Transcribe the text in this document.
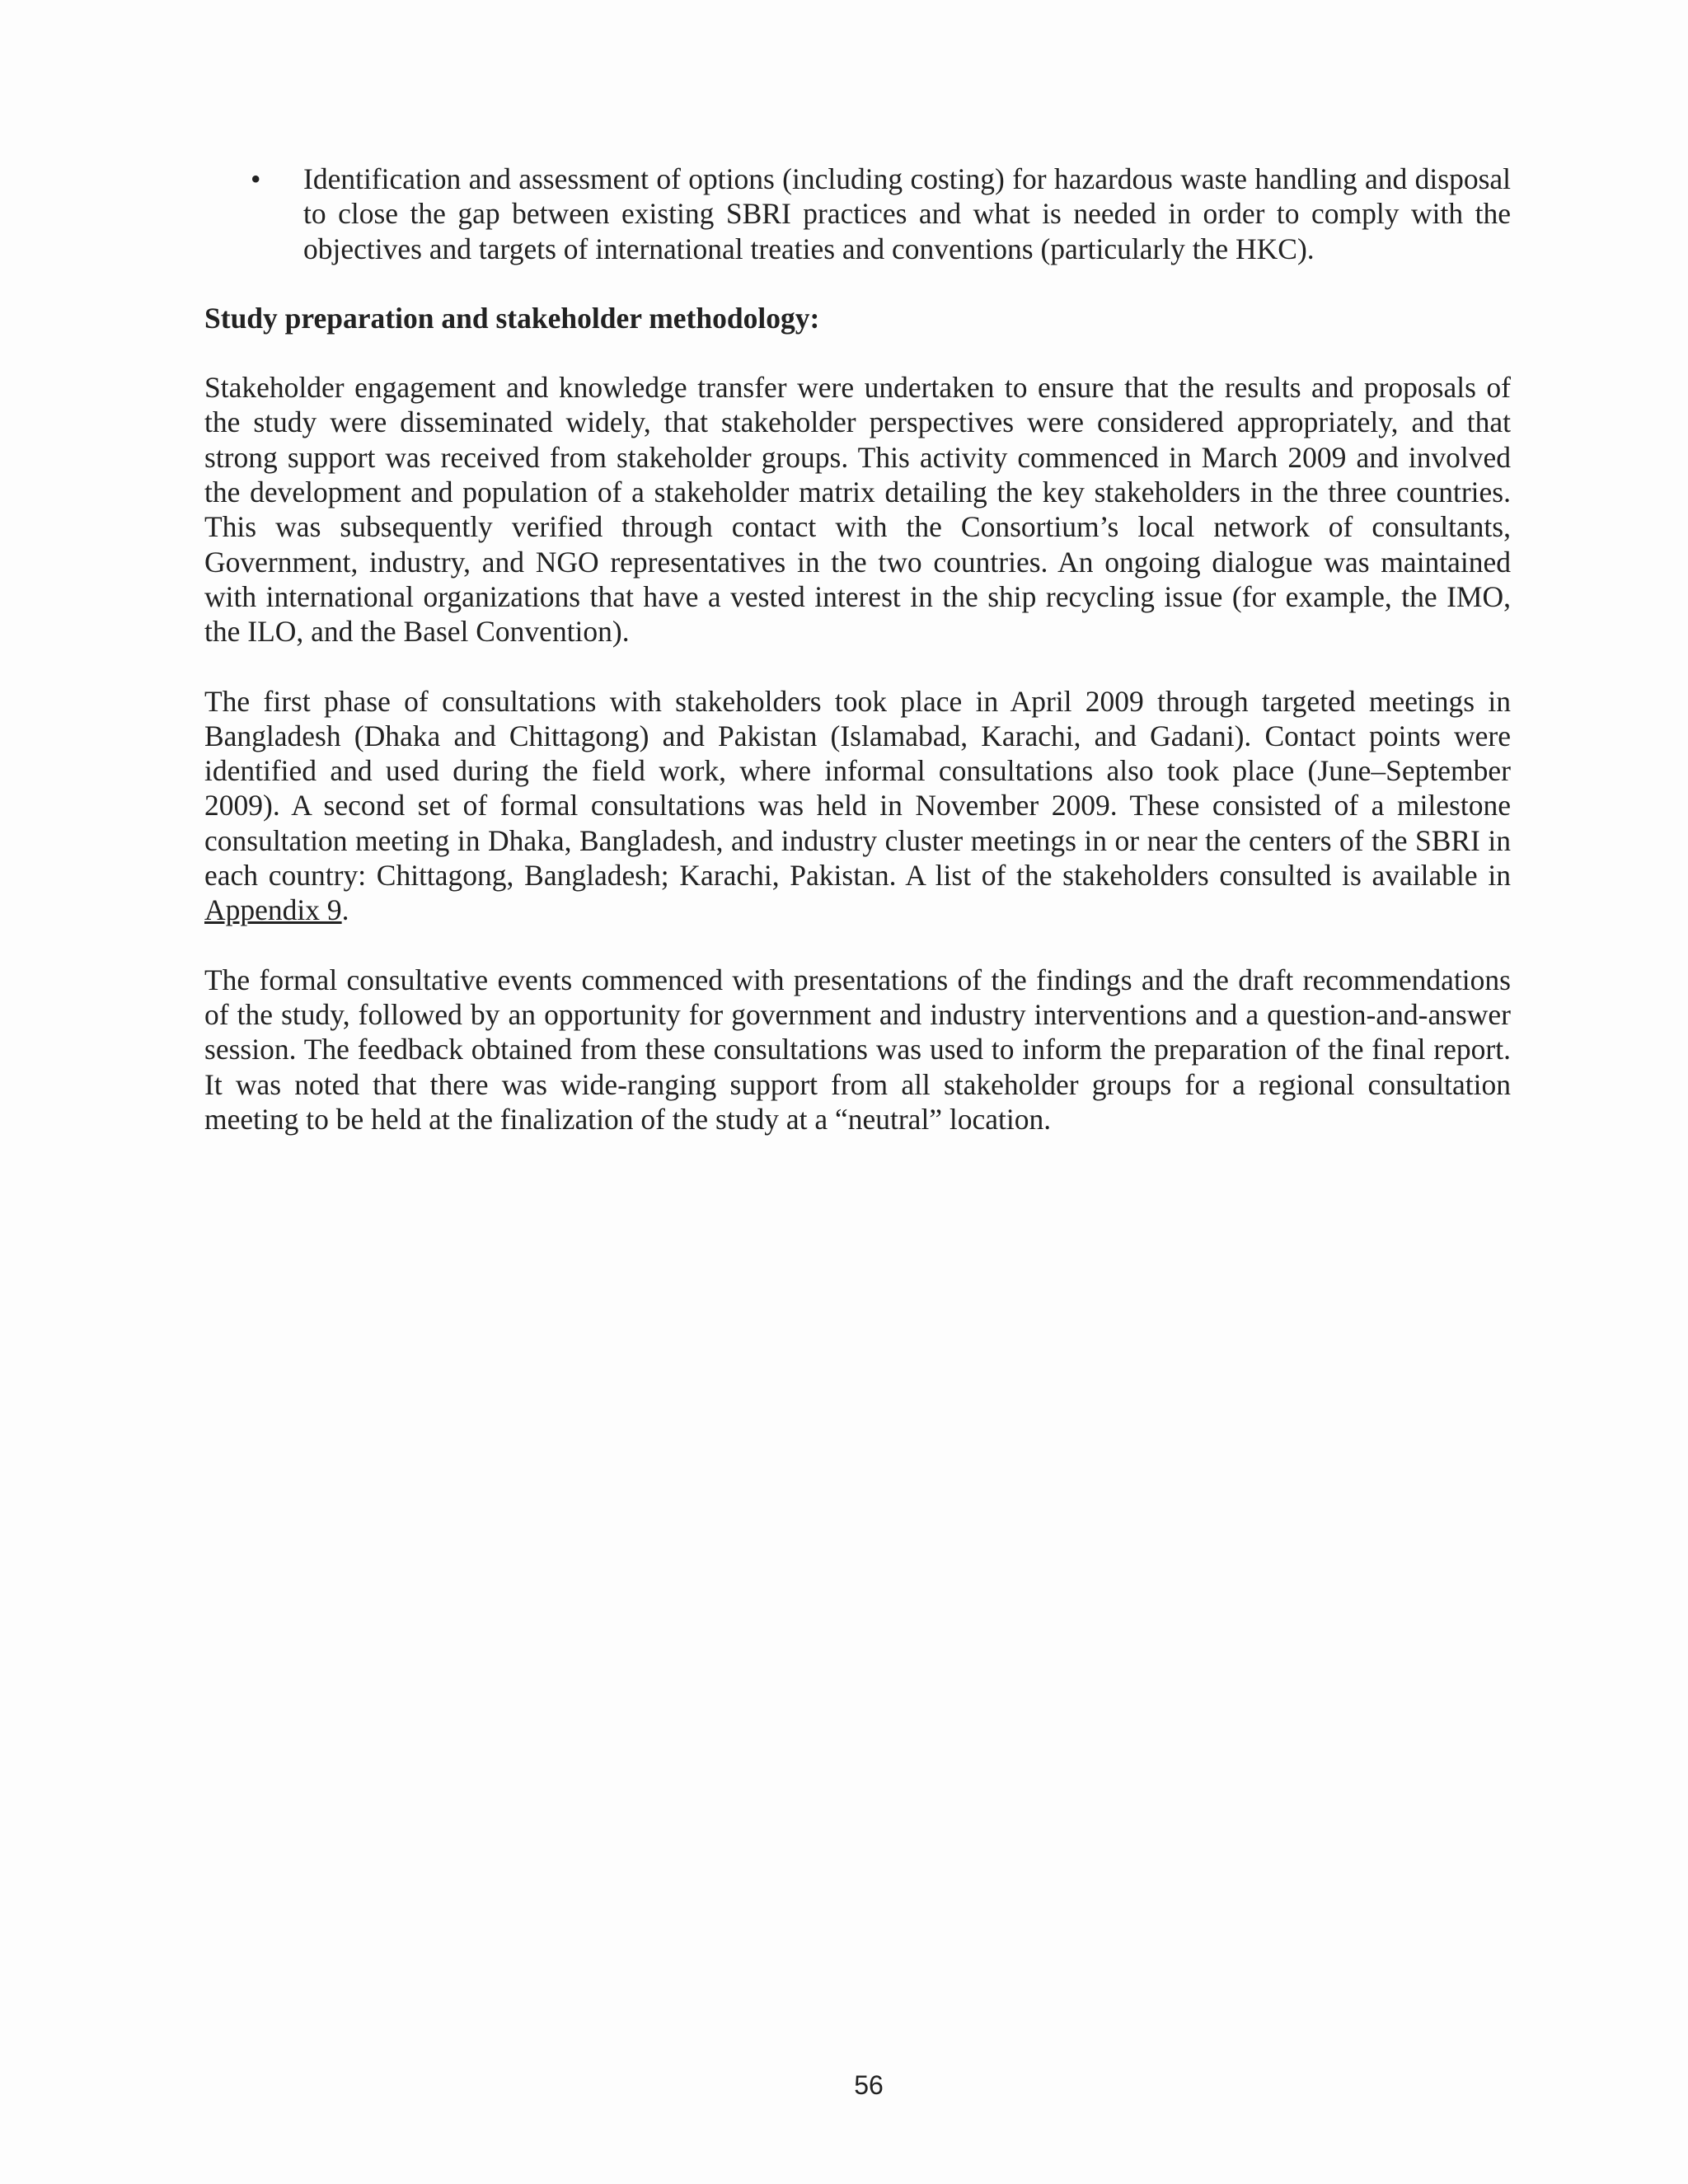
• Identification and assessment of options (including costing) for hazardous waste handling and disposal to close the gap between existing SBRI practices and what is needed in order to comply with the objectives and targets of international treaties and conventions (particularly the HKC).

Study preparation and stakeholder methodology:

Stakeholder engagement and knowledge transfer were undertaken to ensure that the results and proposals of the study were disseminated widely, that stakeholder perspectives were considered appropriately, and that strong support was received from stakeholder groups. This activity commenced in March 2009 and involved the development and population of a stakeholder matrix detailing the key stakeholders in the three countries. This was subsequently verified through contact with the Consortium’s local network of consultants, Government, industry, and NGO representatives in the two countries. An ongoing dialogue was maintained with international organizations that have a vested interest in the ship recycling issue (for example, the IMO, the ILO, and the Basel Convention).

The first phase of consultations with stakeholders took place in April 2009 through targeted meetings in Bangladesh (Dhaka and Chittagong) and Pakistan (Islamabad, Karachi, and Gadani). Contact points were identified and used during the field work, where informal consultations also took place (June–September 2009). A second set of formal consultations was held in November 2009. These consisted of a milestone consultation meeting in Dhaka, Bangladesh, and industry cluster meetings in or near the centers of the SBRI in each country: Chittagong, Bangladesh; Karachi, Pakistan. A list of the stakeholders consulted is available in Appendix 9.

The formal consultative events commenced with presentations of the findings and the draft recommendations of the study, followed by an opportunity for government and industry interventions and a question-and-answer session. The feedback obtained from these consultations was used to inform the preparation of the final report. It was noted that there was wide-ranging support from all stakeholder groups for a regional consultation meeting to be held at the finalization of the study at a “neutral” location.

56
